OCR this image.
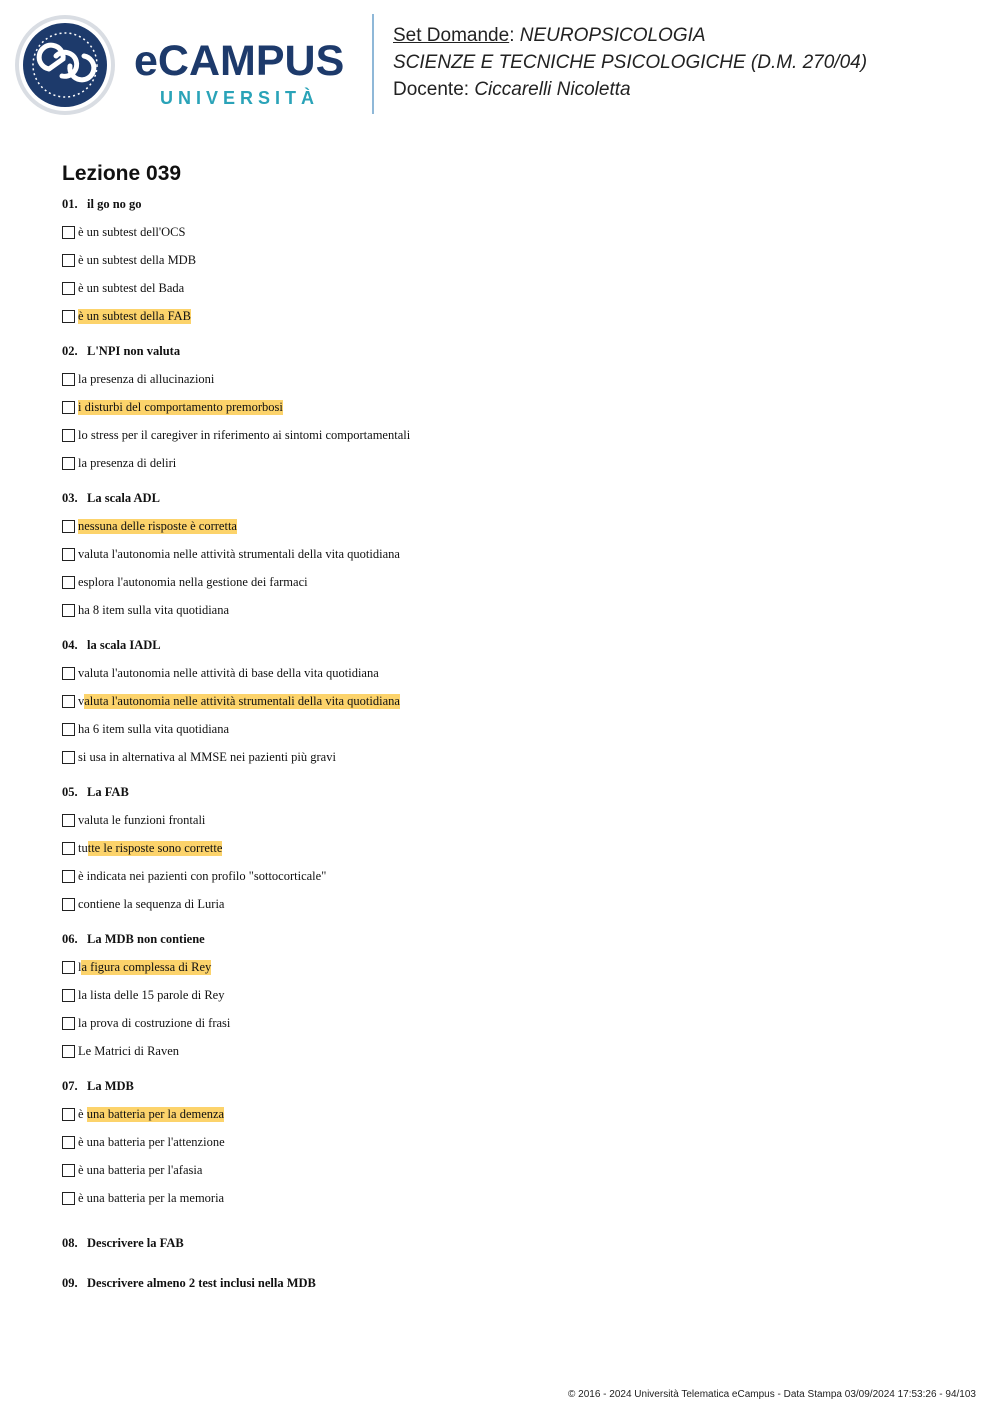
eCAMPUS
UNIVERSITÀ
Set Domande: NEUROPSICOLOGIA
SCIENZE E TECNICHE PSICOLOGICHE (D.M. 270/04)
Docente: Ciccarelli Nicoletta
Lezione 039
01. il go no go
è un subtest dell'OCS
è un subtest della MDB
è un subtest del Bada
è un subtest della FAB
02. L'NPI non valuta
la presenza di allucinazioni
i disturbi del comportamento premorbosi
lo stress per il caregiver in riferimento ai sintomi comportamentali
la presenza di deliri
03. La scala ADL
nessuna delle risposte è corretta
valuta l'autonomia nelle attività strumentali della vita quotidiana
esplora l'autonomia nella gestione dei farmaci
ha 8 item sulla vita quotidiana
04. la scala IADL
valuta l'autonomia nelle attività di base della vita quotidiana
v aluta l'autonomia nelle attività strumentali della vita quotidiana
ha 6 item sulla vita quotidiana
si usa in alternativa al MMSE nei pazienti più gravi
05. La FAB
valuta le funzioni frontali
tu tte le risposte sono corrette
è indicata nei pazienti con profilo "sottocorticale"
contiene la sequenza di Luria
06. La MDB non contiene
l a figura complessa di Rey
la lista delle 15 parole di Rey
la prova di costruzione di frasi
Le Matrici di Raven
07. La MDB
è una batteria per la demenza
è una batteria per l'attenzione
è una batteria per l'afasia
è una batteria per la memoria
08. Descrivere la FAB
09. Descrivere almeno 2 test inclusi nella MDB
© 2016 - 2024 Università Telematica eCampus - Data Stampa 03/09/2024 17:53:26 - 94/103
